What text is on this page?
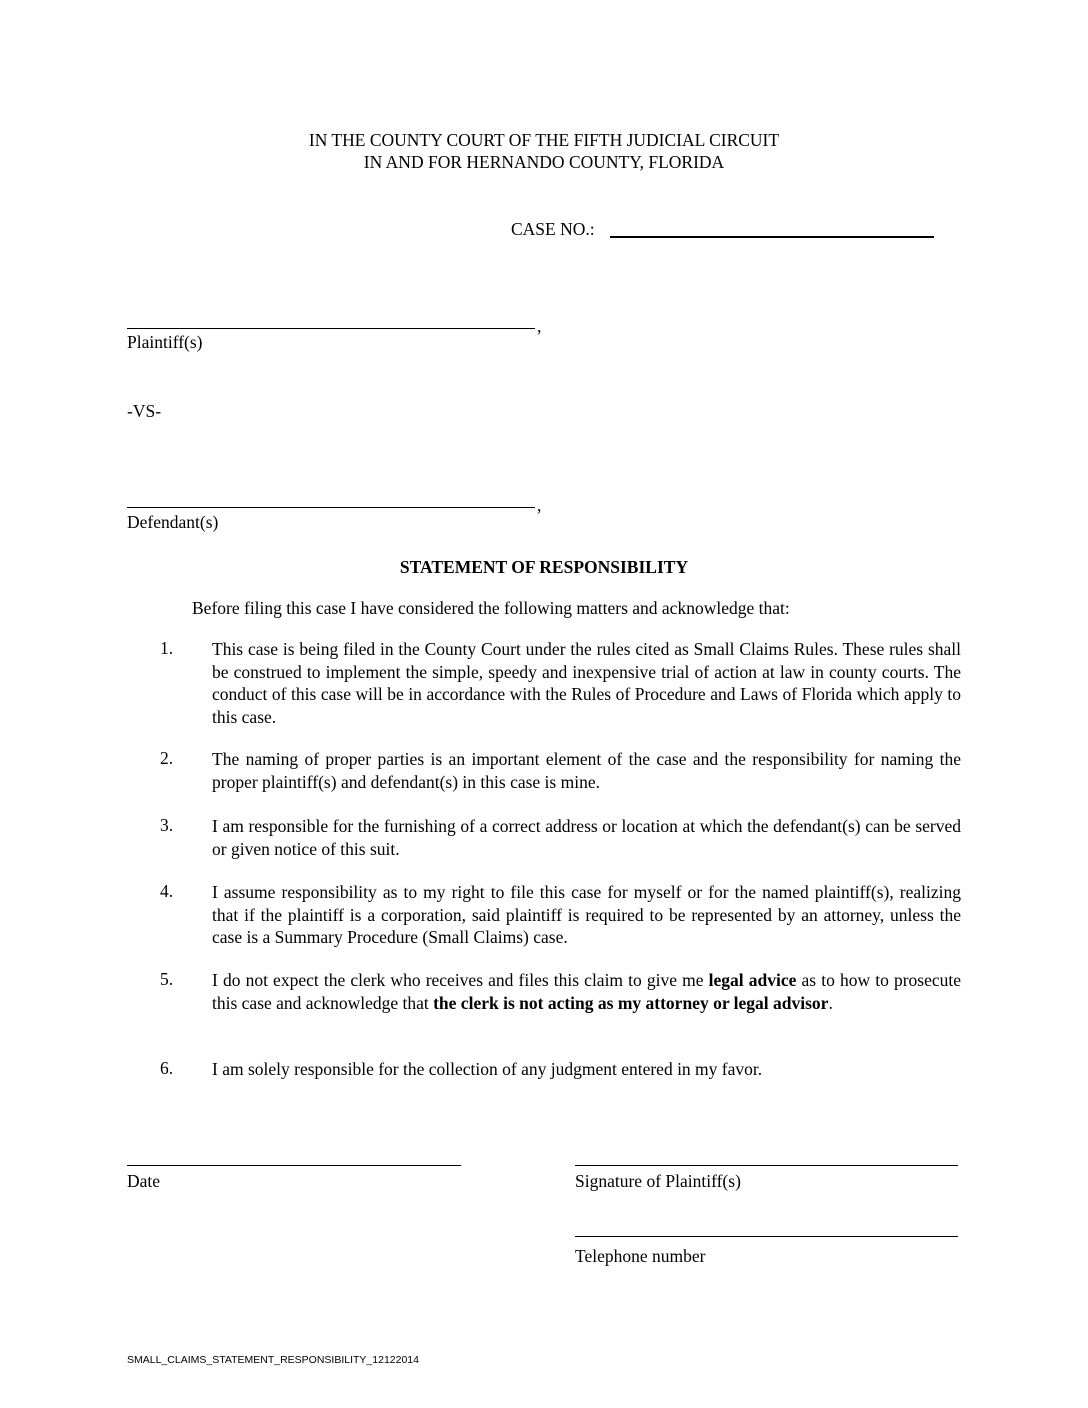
IN THE COUNTY COURT OF THE FIFTH JUDICIAL CIRCUIT
IN AND FOR HERNANDO COUNTY, FLORIDA
CASE NO.:
,
Plaintiff(s)
-VS-
,
Defendant(s)
STATEMENT OF RESPONSIBILITY
Before filing this case I have considered the following matters and acknowledge that:
1.	This case is being filed in the County Court under the rules cited as Small Claims Rules. These rules shall be construed to implement the simple, speedy and inexpensive trial of action at law in county courts. The conduct of this case will be in accordance with the Rules of Procedure and Laws of Florida which apply to this case.
2.	The naming of proper parties is an important element of the case and the responsibility for naming the proper plaintiff(s) and defendant(s) in this case is mine.
3.	I am responsible for the furnishing of a correct address or location at which the defendant(s) can be served or given notice of this suit.
4.	I assume responsibility as to my right to file this case for myself or for the named plaintiff(s), realizing that if the plaintiff is a corporation, said plaintiff is required to be represented by an attorney, unless the case is a Summary Procedure (Small Claims) case.
5.	I do not expect the clerk who receives and files this claim to give me legal advice as to how to prosecute this case and acknowledge that the clerk is not acting as my attorney or legal advisor.
6.	I am solely responsible for the collection of any judgment entered in my favor.
Date	Signature of Plaintiff(s)
Telephone number
SMALL_CLAIMS_STATEMENT_RESPONSIBILITY_12122014
